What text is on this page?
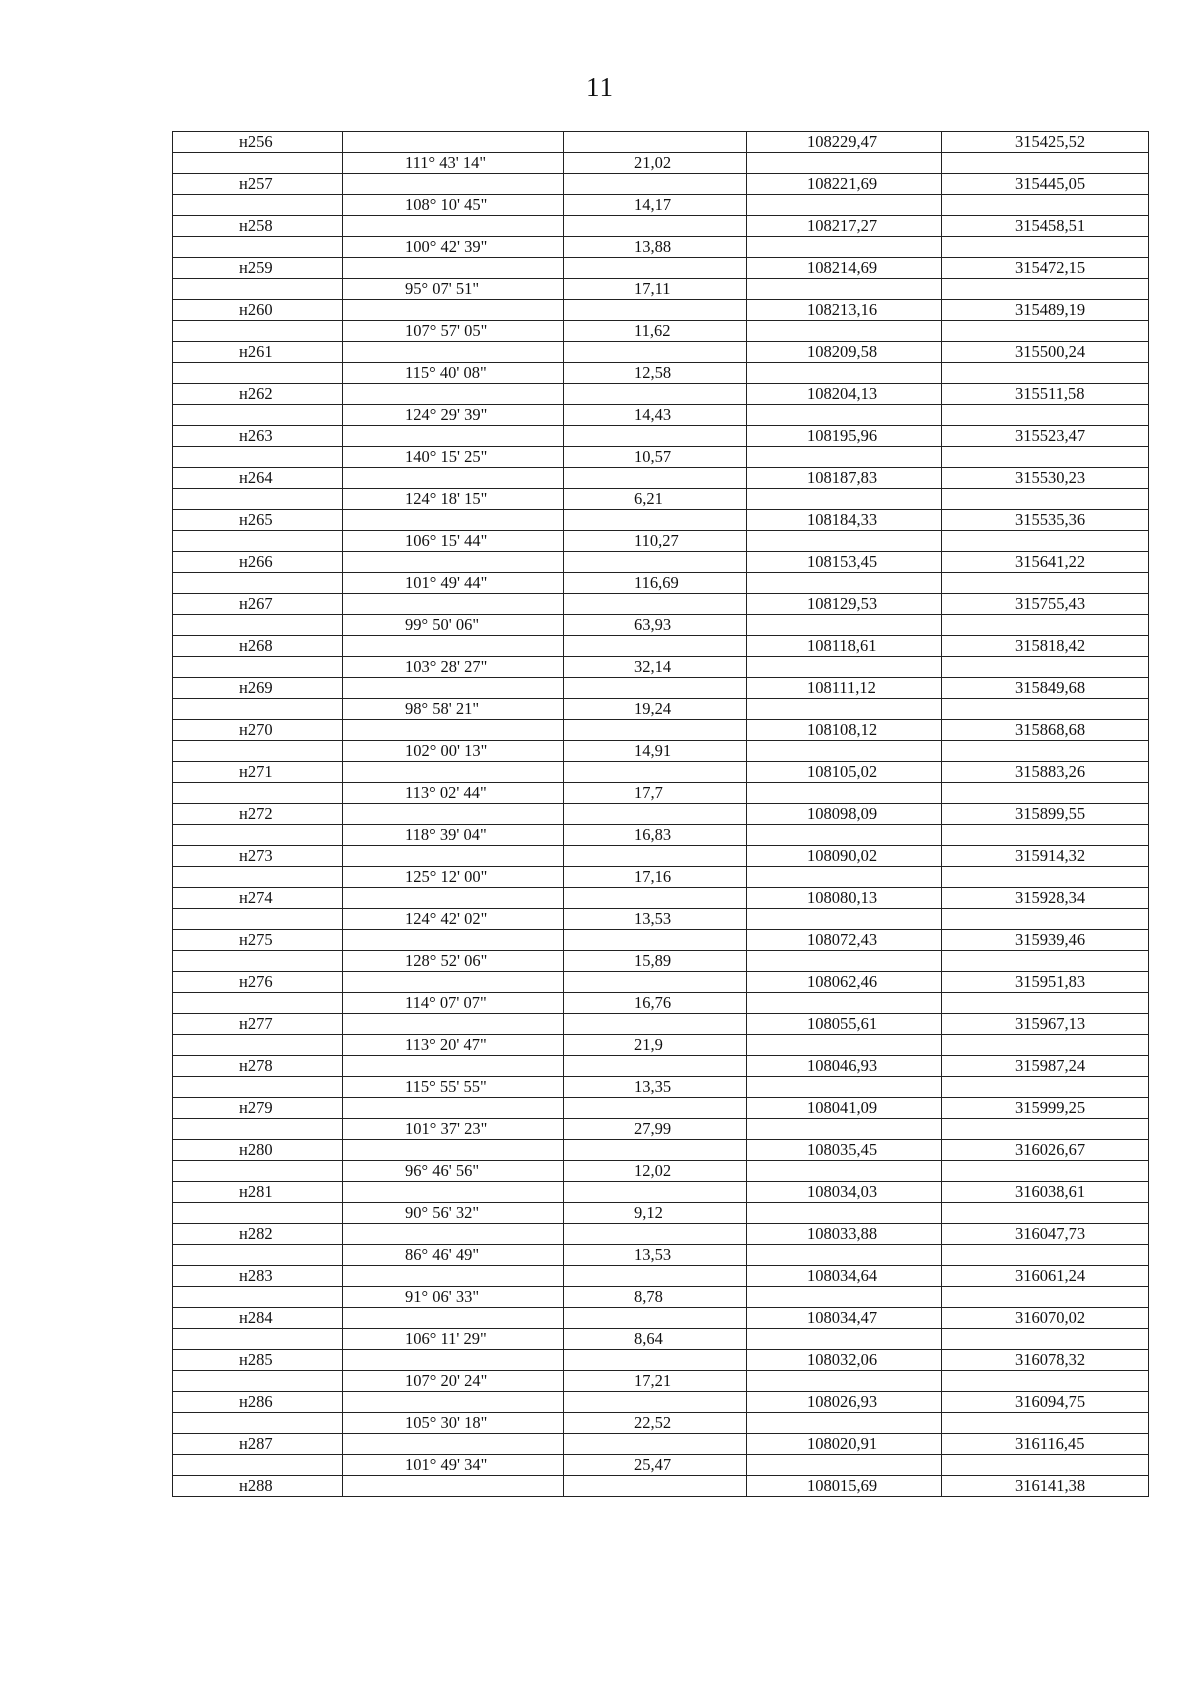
11
н256			108229,47	315425,52
	111° 43' 14"	21,02		
н257			108221,69	315445,05
	108° 10' 45"	14,17		
н258			108217,27	315458,51
	100° 42' 39"	13,88		
н259			108214,69	315472,15
	95° 07' 51"	17,11		
н260			108213,16	315489,19
	107° 57' 05"	11,62		
н261			108209,58	315500,24
	115° 40' 08"	12,58		
н262			108204,13	315511,58
	124° 29' 39"	14,43		
н263			108195,96	315523,47
	140° 15' 25"	10,57		
н264			108187,83	315530,23
	124° 18' 15"	6,21		
н265			108184,33	315535,36
	106° 15' 44"	110,27		
н266			108153,45	315641,22
	101° 49' 44"	116,69		
н267			108129,53	315755,43
	99° 50' 06"	63,93		
н268			108118,61	315818,42
	103° 28' 27"	32,14		
н269			108111,12	315849,68
	98° 58' 21"	19,24		
н270			108108,12	315868,68
	102° 00' 13"	14,91		
н271			108105,02	315883,26
	113° 02' 44"	17,7		
н272			108098,09	315899,55
	118° 39' 04"	16,83		
н273			108090,02	315914,32
	125° 12' 00"	17,16		
н274			108080,13	315928,34
	124° 42' 02"	13,53		
н275			108072,43	315939,46
	128° 52' 06"	15,89		
н276			108062,46	315951,83
	114° 07' 07"	16,76		
н277			108055,61	315967,13
	113° 20' 47"	21,9		
н278			108046,93	315987,24
	115° 55' 55"	13,35		
н279			108041,09	315999,25
	101° 37' 23"	27,99		
н280			108035,45	316026,67
	96° 46' 56"	12,02		
н281			108034,03	316038,61
	90° 56' 32"	9,12		
н282			108033,88	316047,73
	86° 46' 49"	13,53		
н283			108034,64	316061,24
	91° 06' 33"	8,78		
н284			108034,47	316070,02
	106° 11' 29"	8,64		
н285			108032,06	316078,32
	107° 20' 24"	17,21		
н286			108026,93	316094,75
	105° 30' 18"	22,52		
н287			108020,91	316116,45
	101° 49' 34"	25,47		
н288			108015,69	316141,38
